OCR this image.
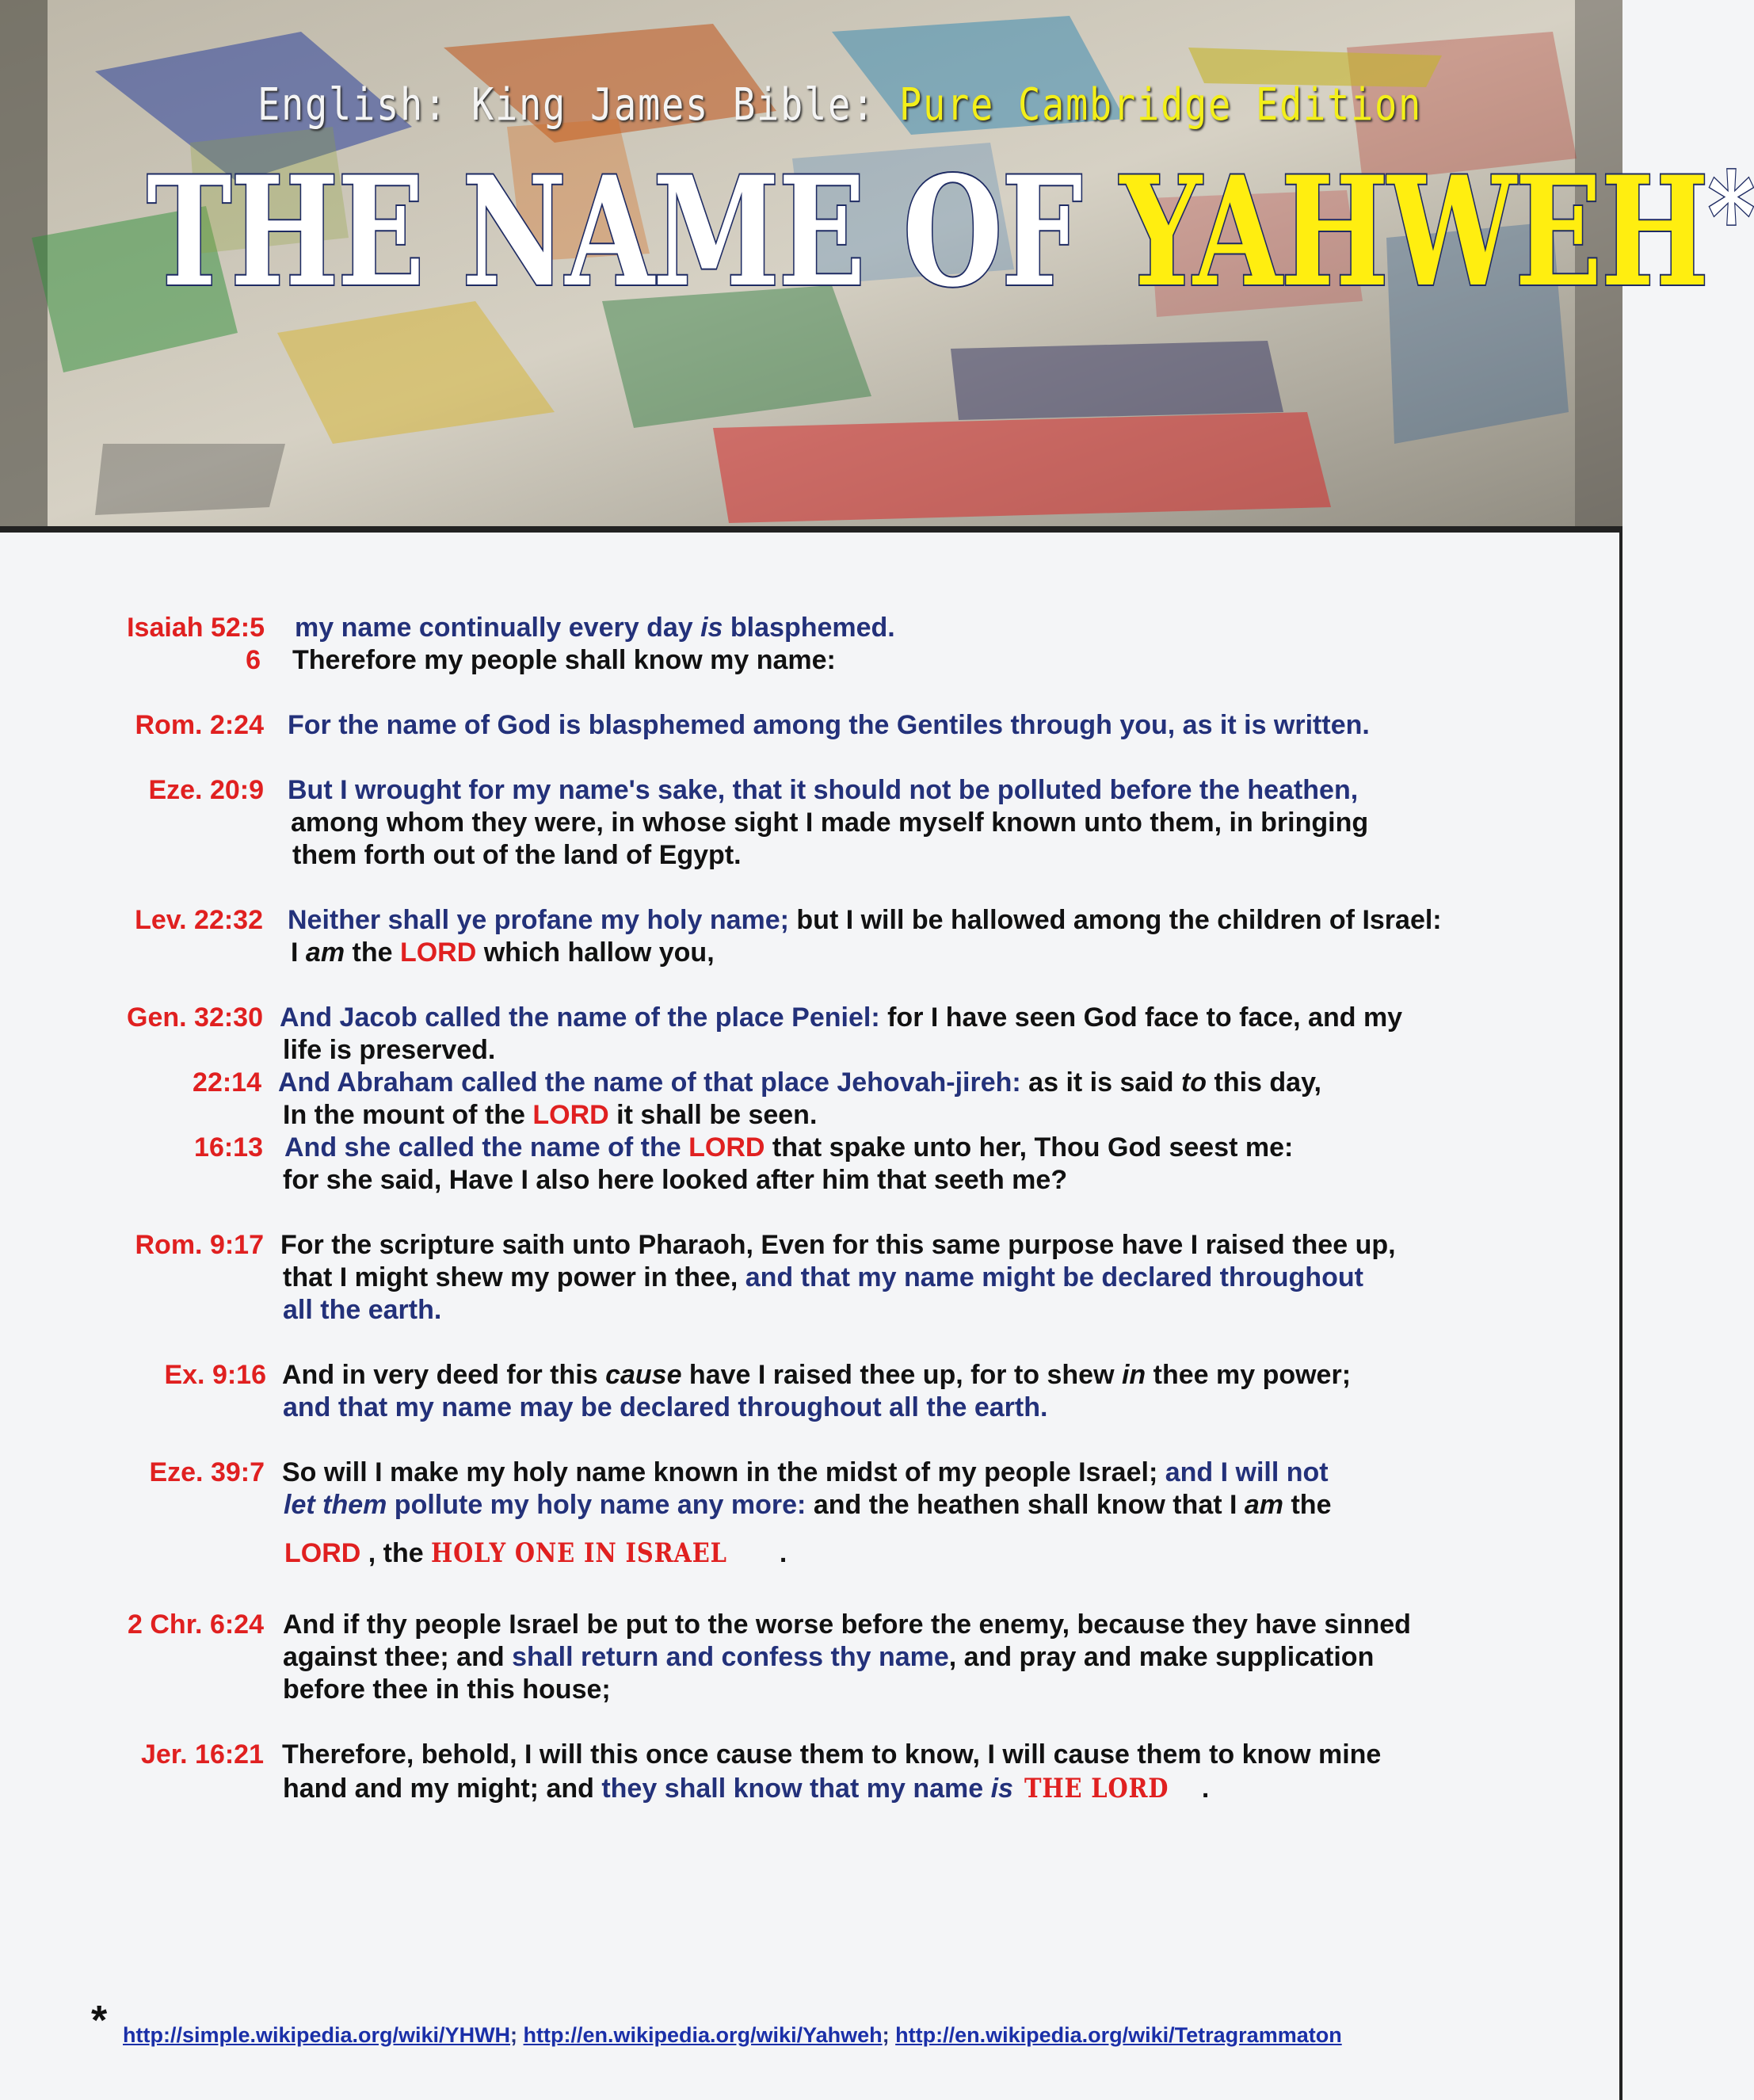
English: King James Bible: Pure Cambridge Edition
THE NAME OF YAHWEH*
Isaiah 52:5 my name continually every day is blasphemed.
6 Therefore my people shall know my name:
Rom. 2:24 For the name of God is blasphemed among the Gentiles through you, as it is written.
Eze. 20:9 But I wrought for my name's sake, that it should not be polluted before the heathen,
among whom they were, in whose sight I made myself known unto them, in bringing
them forth out of the land of Egypt.
Lev. 22:32 Neither shall ye profane my holy name; but I will be hallowed among the children of Israel:
I am the LORD which hallow you,
Gen. 32:30 And Jacob called the name of the place Peniel: for I have seen God face to face, and my
life is preserved.
22:14 And Abraham called the name of that place Jehovah-jireh: as it is said to this day,
In the mount of the LORD it shall be seen.
16:13 And she called the name of the LORD that spake unto her, Thou God seest me:
for she said, Have I also here looked after him that seeth me?
Rom. 9:17 For the scripture saith unto Pharaoh, Even for this same purpose have I raised thee up,
that I might shew my power in thee, and that my name might be declared throughout
all the earth.
Ex. 9:16 And in very deed for this cause have I raised thee up, for to shew in thee my power;
and that my name may be declared throughout all the earth.
Eze. 39:7 So will I make my holy name known in the midst of my people Israel; and I will not
let them pollute my holy name any more: and the heathen shall know that I am the
LORD , the HOLY ONE IN ISRAEL .
2 Chr. 6:24 And if thy people Israel be put to the worse before the enemy, because they have sinned
against thee; and shall return and confess thy name, and pray and make supplication
before thee in this house;
Jer. 16:21 Therefore, behold, I will this once cause them to know, I will cause them to know mine
hand and my might; and they shall know that my name is THE LORD .
* http://simple.wikipedia.org/wiki/YHWH; http://en.wikipedia.org/wiki/Yahweh; http://en.wikipedia.org/wiki/Tetragrammaton
